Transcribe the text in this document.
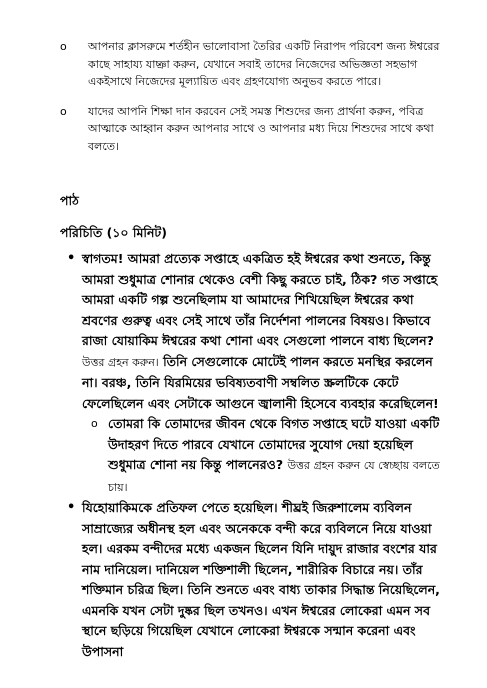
o	আপনার ক্লাসরুমে শর্তহীন ভালোবাসা তৈরির একটি নিরাপদ পরিবেশ জন্য ঈশ্বরের কাছে সাহায্য যাচ্ঞা করুন, যেখানে সবাই তাদের নিজেদের অভিজ্ঞতা সহভাগ একইসাথে নিজেদের মূল্যায়িত এবং গ্রহণযোগ্য অনুভব করতে পারে।
o	যাদের আপনি শিক্ষা দান করবেন সেই সমস্ত শিশুদের জন্য প্রার্থনা করুন, পবিত্র আত্মাকে আহ্বান করুন আপনার সাথে ও আপনার মধ্য দিয়ে শিশুদের সাথে কথা বলতে।
পাঠ
পরিচিতি (১০ মিনিট)
• স্বাগতম! আমরা প্রত্যেক সপ্তাহে একত্রিত হই ঈশ্বরের কথা শুনতে, কিন্তু আমরা শুধুমাত্র শোনার থেকেও বেশী কিছু করতে চাই, ঠিক? গত সপ্তাহে আমরা একটি গল্প শুনেছিলাম যা আমাদের শিখিয়েছিল ঈশ্বরের কথা শ্রবণের গুরুত্ব এবং সেই সাথে তাঁর নির্দেশনা পালনের বিষয়ও। কিভাবে রাজা যোয়াকিম ঈশ্বরের কথা শোনা এবং সেগুলো পালনে বাধ্য ছিলেন? উত্তর গ্রহন করুন। তিনি সেগুলোকে মোটেই পালন করতে মনস্থির করলেন না। বরঞ্চ, তিনি যিরমিয়ের ভবিষ্যতবাণী সম্বলিত স্ক্রলটিকে কেটে ফেলেছিলেন এবং সেটাকে আগুনে জ্বালানী হিসেবে ব্যবহার করেছিলেন!
o তোমরা কি তোমাদের জীবন থেকে বিগত সপ্তাহে ঘটে যাওয়া একটি উদাহরণ দিতে পারবে যেখানে তোমাদের সুযোগ দেয়া হয়েছিল শুধুমাত্র শোনা নয় কিন্তু পালনেরও? উত্তর গ্রহন করুন যে স্বেচ্ছায় বলতে চায়।
• যিহোয়াকিমকে প্রতিফল পেতে হয়েছিল। শীঘ্রই জিরুশালেম ব্যবিলন সাম্রাজ্যের অধীনস্থ হল এবং অনেককে বন্দী করে ব্যবিলনে নিয়ে যাওয়া হল। এরকম বন্দীদের মধ্যে একজন ছিলেন যিনি দায়ুদ রাজার বংশের যার নাম দানিয়েল। দানিয়েল শক্তিশালী ছিলেন, শারীরিক বিচারে নয়। তাঁর শক্তিমান চরিত্র ছিল। তিনি শুনতে এবং বাধ্য তাকার সিদ্ধান্ত নিয়েছিলেন, এমনকি যখন সেটা দুষ্কর ছিল তখনও। এখন ঈশ্বরের লোকেরা এমন সব স্থানে ছড়িয়ে গিয়েছিল যেখানে লোকেরা ঈশ্বরকে সন্মান করেনা এবং উপাসনা
